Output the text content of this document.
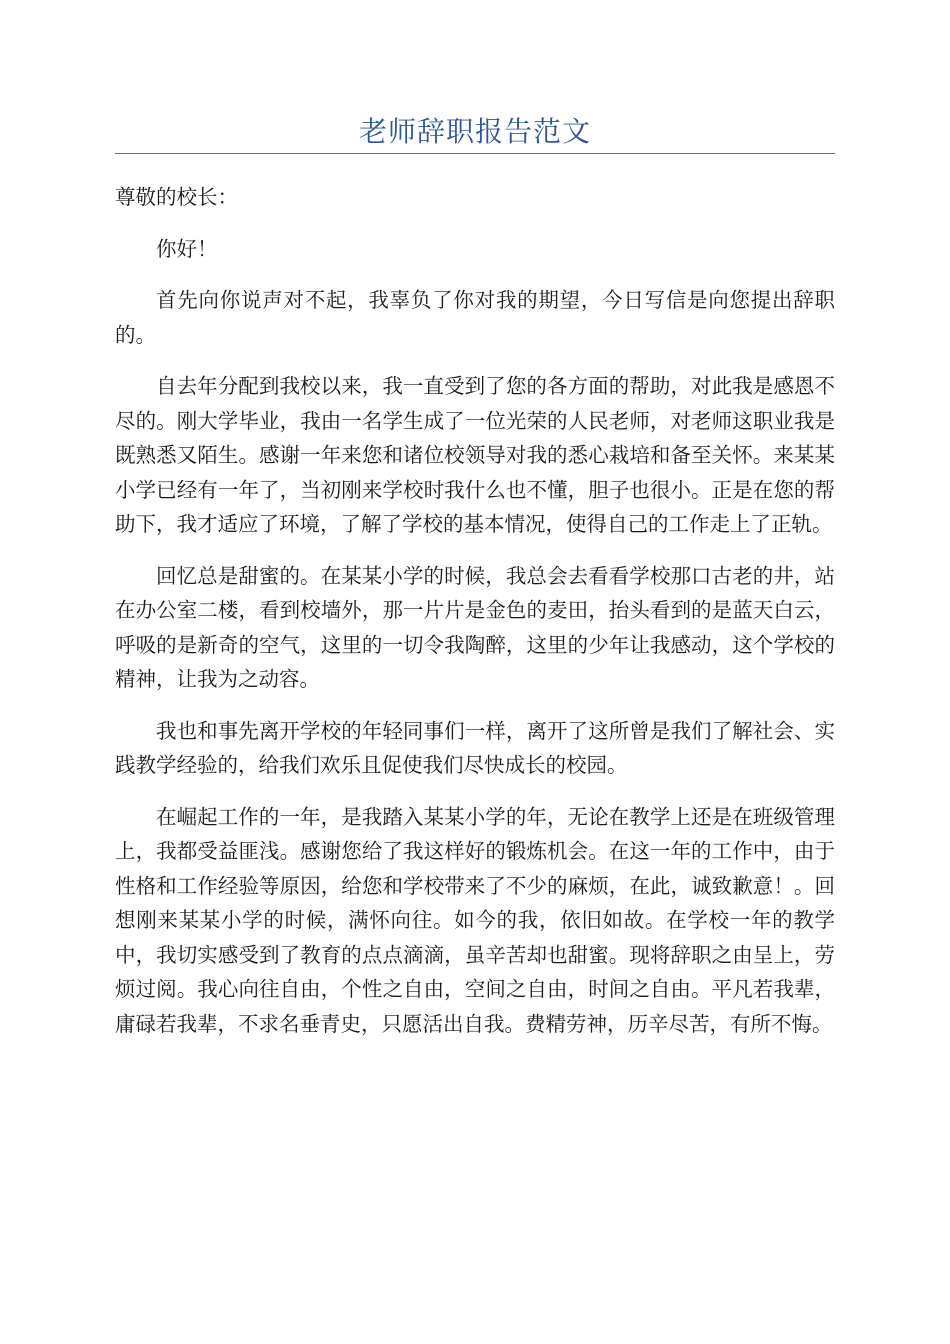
老师辞职报告范文

尊敬的校长：

你好！

首先向你说声对不起，我辜负了你对我的期望，今日写信是向您提出辞职的。

自去年分配到我校以来，我一直受到了您的各方面的帮助，对此我是感恩不尽的。刚大学毕业，我由一名学生成了一位光荣的人民老师，对老师这职业我是既熟悉又陌生。感谢一年来您和诸位校领导对我的悉心栽培和备至关怀。来某某小学已经有一年了，当初刚来学校时我什么也不懂，胆子也很小。正是在您的帮助下，我才适应了环境，了解了学校的基本情况，使得自己的工作走上了正轨。

回忆总是甜蜜的。在某某小学的时候，我总会去看看学校那口古老的井，站在办公室二楼，看到校墙外，那一片片是金色的麦田，抬头看到的是蓝天白云，呼吸的是新奇的空气，这里的一切令我陶醉，这里的少年让我感动，这个学校的精神，让我为之动容。

我也和事先离开学校的年轻同事们一样，离开了这所曾是我们了解社会、实践教学经验的，给我们欢乐且促使我们尽快成长的校园。

在崛起工作的一年，是我踏入某某小学的年，无论在教学上还是在班级管理上，我都受益匪浅。感谢您给了我这样好的锻炼机会。在这一年的工作中，由于性格和工作经验等原因，给您和学校带来了不少的麻烦，在此，诚致歉意！。回想刚来某某小学的时候，满怀向往。如今的我，依旧如故。在学校一年的教学中，我切实感受到了教育的点点滴滴，虽辛苦却也甜蜜。现将辞职之由呈上，劳烦过阅。我心向往自由，个性之自由，空间之自由，时间之自由。平凡若我辈，庸碌若我辈，不求名垂青史，只愿活出自我。费精劳神，历辛尽苦，有所不悔。
